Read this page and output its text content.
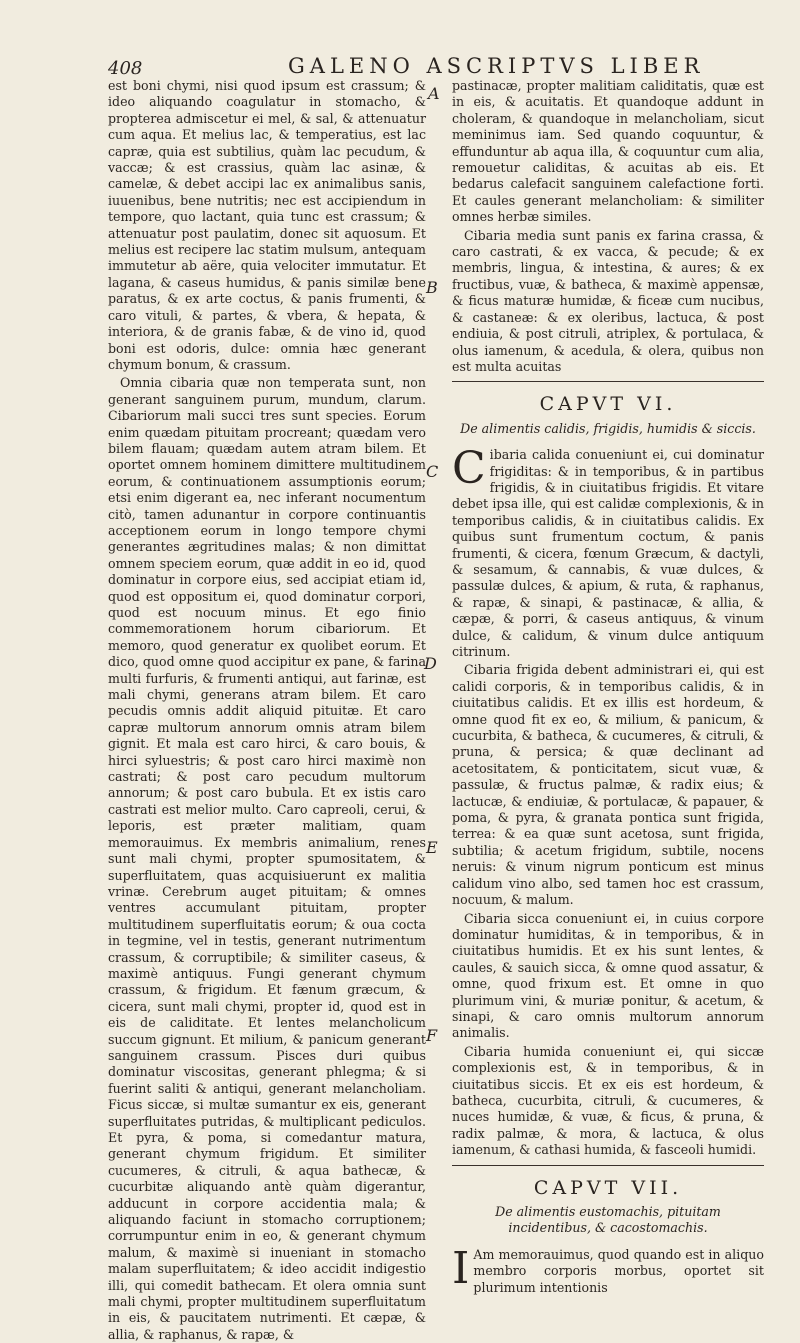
408	GALENO ASCRIPTVS LIBER

est boni chymi, nisi quod ipsum est crassum; & ideo aliquando coagulatur in stomacho, & propterea admiscetur ei mel, & sal, & attenuatur cum aqua. Et melius lac, & temperatius, est lac capræ, quia est subtilius, quàm lac pecudum, & vaccæ; & est crassius, quàm lac asinæ, & camelæ, & debet accipi lac ex animalibus sanis, iuuenibus, bene nutritis; nec est accipiendum in tempore, quo lactant, quia tunc est crassum; & attenuatur post paulatim, donec sit aquosum. Et melius est recipere lac statim mulsum, antequam immutetur ab aëre, quia velociter immutatur. Et lagana, & caseus humidus, & panis similæ bene paratus, & ex arte coctus, & panis frumenti, & caro vituli, & partes, & vbera, & hepata, & interiora, & de granis fabæ, & de vino id, quod boni est odoris, dulce: omnia hæc generant chymum bonum, & crassum.

Omnia cibaria quæ non temperata sunt, non generant sanguinem purum, mundum, clarum. Cibariorum mali succi tres sunt species. Eorum enim quædam pituitam procreant; quædam vero bilem flauam; quædam autem atram bilem. Et oportet omnem hominem dimittere multitudinem eorum, & continuationem assumptionis eorum; etsi enim digerant ea, nec inferant nocumentum citò, tamen adunantur in corpore continuantis acceptionem eorum in longo tempore chymi generantes ægritudines malas; & non dimittat omnem speciem eorum, quæ addit in eo id, quod dominatur in corpore eius, sed accipiat etiam id, quod est oppositum ei, quod dominatur corpori, quod est nocuum minus. Et ego finio commemorationem horum cibariorum. Et memoro, quod generatur ex quolibet eorum. Et dico, quod omne quod accipitur ex pane, & farina multi furfuris, & frumenti antiqui, aut farinæ, est mali chymi, generans atram bilem. Et caro pecudis omnis addit aliquid pituitæ. Et caro capræ multorum annorum omnis atram bilem gignit. Et mala est caro hirci, & caro bouis, & hirci syluestris; & post caro hirci maximè non castrati; & post caro pecudum multorum annorum; & post caro bubula. Et ex istis caro castrati est melior multo. Caro capreoli, cerui, & leporis, est præter malitiam, quam memorauimus. Ex membris animalium, renes sunt mali chymi, propter spumositatem, & superfluitatem, quas acquisiuerunt ex malitia vrinæ. Cerebrum auget pituitam; & omnes ventres accumulant pituitam, propter multitudinem superfluitatis eorum; & oua cocta in tegmine, vel in testis, generant nutrimentum crassum, & corruptibile; & similiter caseus, & maximè antiquus. Fungi generant chymum crassum, & frigidum. Et fænum græcum, & cicera, sunt mali chymi, propter id, quod est in eis de caliditate. Et lentes melancholicum succum gignunt. Et milium, & panicum generant sanguinem crassum. Pisces duri quibus dominatur viscositas, generant phlegma; & si fuerint saliti & antiqui, generant melancholiam. Ficus siccæ, si multæ sumantur ex eis, generant superfluitates putridas, & multiplicant pediculos. Et pyra, & poma, si comedantur matura, generant chymum frigidum. Et similiter cucumeres, & citruli, & aqua bathecæ, & cucurbitæ aliquando antè quàm digerantur, adducunt in corpore accidentia mala; & aliquando faciunt in stomacho corruptionem; corrumpuntur enim in eo, & generant chymum malum, & maximè si inueniant in stomacho malam superfluitatem; & ideo accidit indigestio illi, qui comedit bathecam. Et olera omnia sunt mali chymi, propter multitudinem superfluitatum in eis, & paucitatem nutrimenti. Et cæpæ, & allia, & raphanus, & rapæ, &

A
B
C
D
E
F

pastinacæ, propter malitiam caliditatis, quæ est in eis, & acuitatis. Et quandoque addunt in choleram, & quandoque in melancholiam, sicut meminimus iam. Sed quando coquuntur, & effunduntur ab aqua illa, & coquuntur cum alia, remouetur caliditas, & acuitas ab eis. Et bedarus calefacit sanguinem calefactione forti. Et caules generant melancholiam: & similiter omnes herbæ similes.

Cibaria media sunt panis ex farina crassa, & caro castrati, & ex vacca, & pecude; & ex membris, lingua, & intestina, & aures; & ex fructibus, vuæ, & batheca, & maximè appensæ, & ficus maturæ humidæ, & ficeæ cum nucibus, & castaneæ: & ex oleribus, lactuca, & post endiuia, & post citruli, atriplex, & portulaca, & olus iamenum, & acedula, & olera, quibus non est multa acuitas

CAPVT VI.
De alimentis calidis, frigidis, humidis & siccis.

Cibaria calida conueniunt ei, cui dominatur frigiditas: & in temporibus, & in partibus frigidis, & in ciuitatibus frigidis. Et vitare debet ipsa ille, qui est calidæ complexionis, & in temporibus calidis, & in ciuitatibus calidis. Ex quibus sunt frumentum coctum, & panis frumenti, & cicera, fœnum Græcum, & dactyli, & sesamum, & cannabis, & vuæ dulces, & passulæ dulces, & apium, & ruta, & raphanus, & rapæ, & sinapi, & pastinacæ, & allia, & cæpæ, & porri, & caseus antiquus, & vinum dulce, & calidum, & vinum dulce antiquum citrinum.

Cibaria frigida debent administrari ei, qui est calidi corporis, & in temporibus calidis, & in ciuitatibus calidis. Et ex illis est hordeum, & omne quod fit ex eo, & milium, & panicum, & cucurbita, & batheca, & cucumeres, & citruli, & pruna, & persica; & quæ declinant ad acetositatem, & ponticitatem, sicut vuæ, & passulæ, & fructus palmæ, & radix eius; & lactucæ, & endiuiæ, & portulacæ, & papauer, & poma, & pyra, & granata pontica sunt frigida, terrea: & ea quæ sunt acetosa, sunt frigida, subtilia; & acetum frigidum, subtile, nocens neruis: & vinum nigrum ponticum est minus calidum vino albo, sed tamen hoc est crassum, nocuum, & malum.

Cibaria sicca conueniunt ei, in cuius corpore dominatur humiditas, & in temporibus, & in ciuitatibus humidis. Et ex his sunt lentes, & caules, & sauich sicca, & omne quod assatur, & omne, quod frixum est. Et omne in quo plurimum vini, & muriæ ponitur, & acetum, & sinapi, & caro omnis multorum annorum animalis.

Cibaria humida conueniunt ei, qui siccæ complexionis est, & in temporibus, & in ciuitatibus siccis. Et ex eis est hordeum, & batheca, cucurbita, citruli, & cucumeres, & nuces humidæ, & vuæ, & ficus, & pruna, & radix palmæ, & mora, & lactuca, & olus iamenum, & cathasi humida, & fasceoli humidi.

CAPVT VII.
De alimentis eustomachis, pituitam incidentibus, & cacostomachis.

I Am memorauimus, quod quando est in aliquo membro corporis morbus, oportet sit plurimum intentionis
